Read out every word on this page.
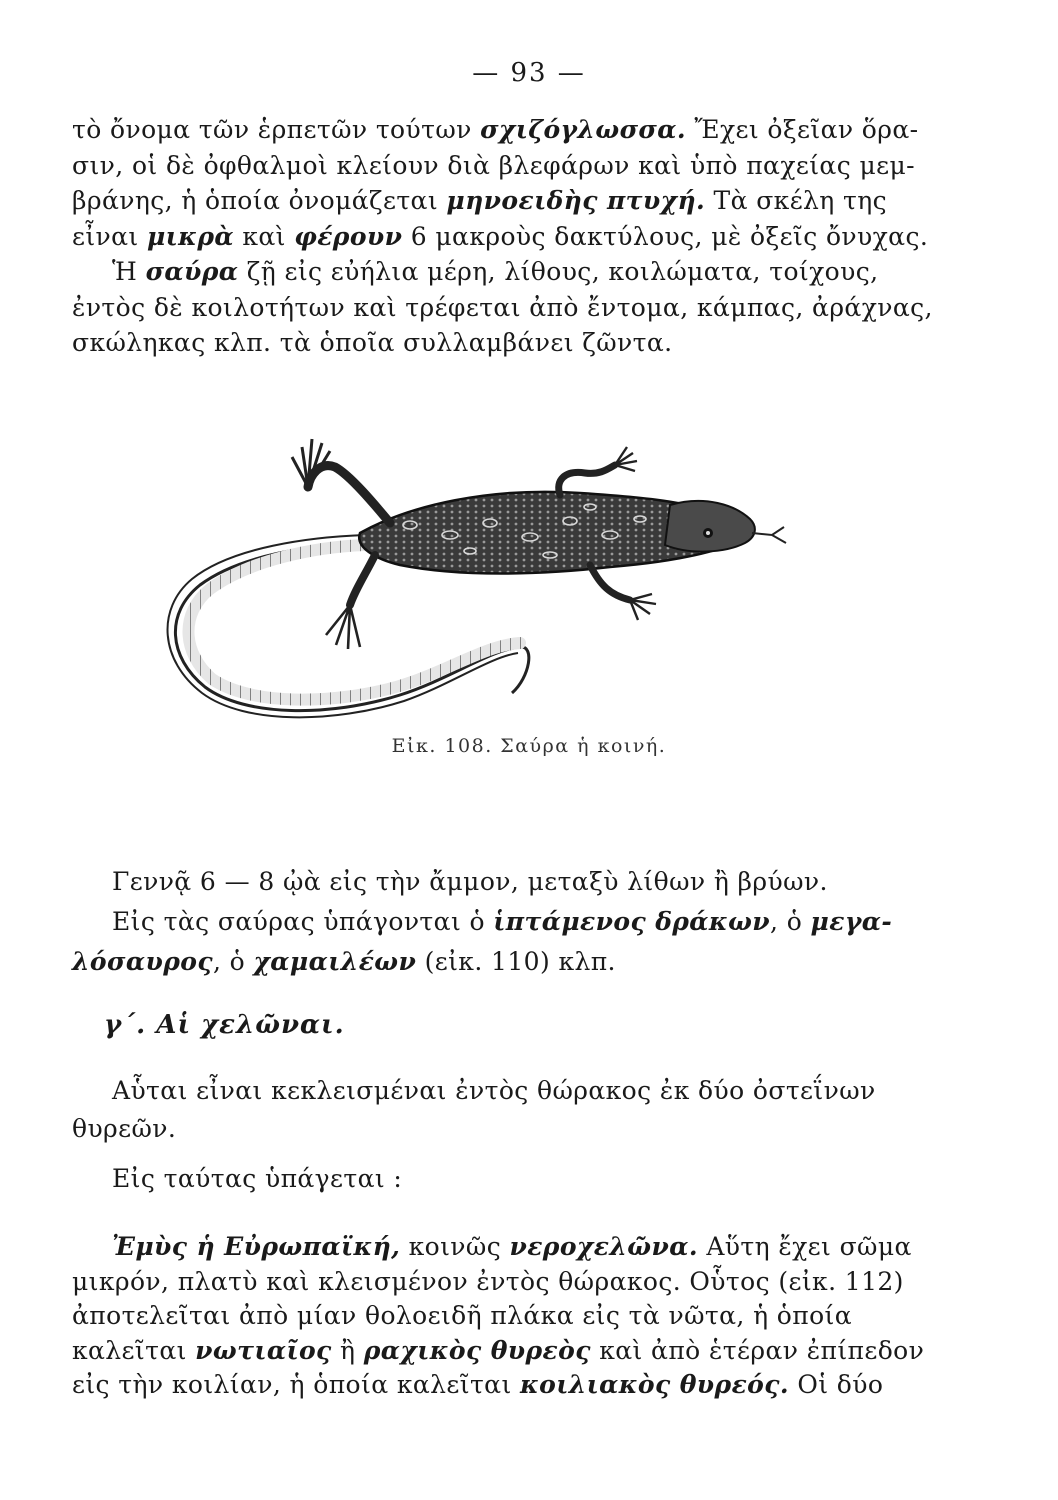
— 93 —
τὸ ὄνομα τῶν ἑρπετῶν τούτων σχιζόγλωσσα. Ἔχει ὀξεῖαν ὅρα-
σιν, οἱ δὲ ὀφθαλμοὶ κλείουν διὰ βλεφάρων καὶ ὑπὸ παχείας μεμ-
βράνης, ἡ ὁποία ὀνομάζεται μηνοειδὴς πτυχή. Τὰ σκέλη της
εἶναι μικρὰ καὶ φέρουν 6 μακροὺς δακτύλους, μὲ ὀξεῖς ὄνυχας.
Ἡ σαύρα ζῇ εἰς εὐήλια μέρη, λίθους, κοιλώματα, τοίχους,
ἐντὸς δὲ κοιλοτήτων καὶ τρέφεται ἀπὸ ἔντομα, κάμπας, ἀράχνας,
σκώληκας κλπ. τὰ ὁποῖα συλλαμβάνει ζῶντα.
Εἰκ. 108. Σαύρα ἡ κοινή.
Γεννᾷ 6 — 8 ᾠὰ εἰς τὴν ἄμμον, μεταξὺ λίθων ἢ βρύων.
Εἰς τὰς σαύρας ὑπάγονται ὁ ἱπτάμενος δράκων, ὁ μεγα-
λόσαυρος, ὁ χαμαιλέων (εἰκ. 110) κλπ.
γ΄. Αἱ χελῶναι.
Αὗται εἶναι κεκλεισμέναι ἐντὸς θώρακος ἐκ δύο ὀστεΐνων
θυρεῶν.
Εἰς ταύτας ὑπάγεται :
Ἐμὺς ἡ Εὐρωπαϊκή, κοινῶς νεροχελῶνα. Αὕτη ἔχει σῶμα
μικρόν, πλατὺ καὶ κλεισμένον ἐντὸς θώρακος. Οὗτος (εἰκ. 112)
ἀποτελεῖται ἀπὸ μίαν θολοειδῆ πλάκα εἰς τὰ νῶτα, ἡ ὁποία
καλεῖται νωτιαῖος ἢ ραχικὸς θυρεὸς καὶ ἀπὸ ἑτέραν ἐπίπεδον
εἰς τὴν κοιλίαν, ἡ ὁποία καλεῖται κοιλιακὸς θυρεός. Οἱ δύο
